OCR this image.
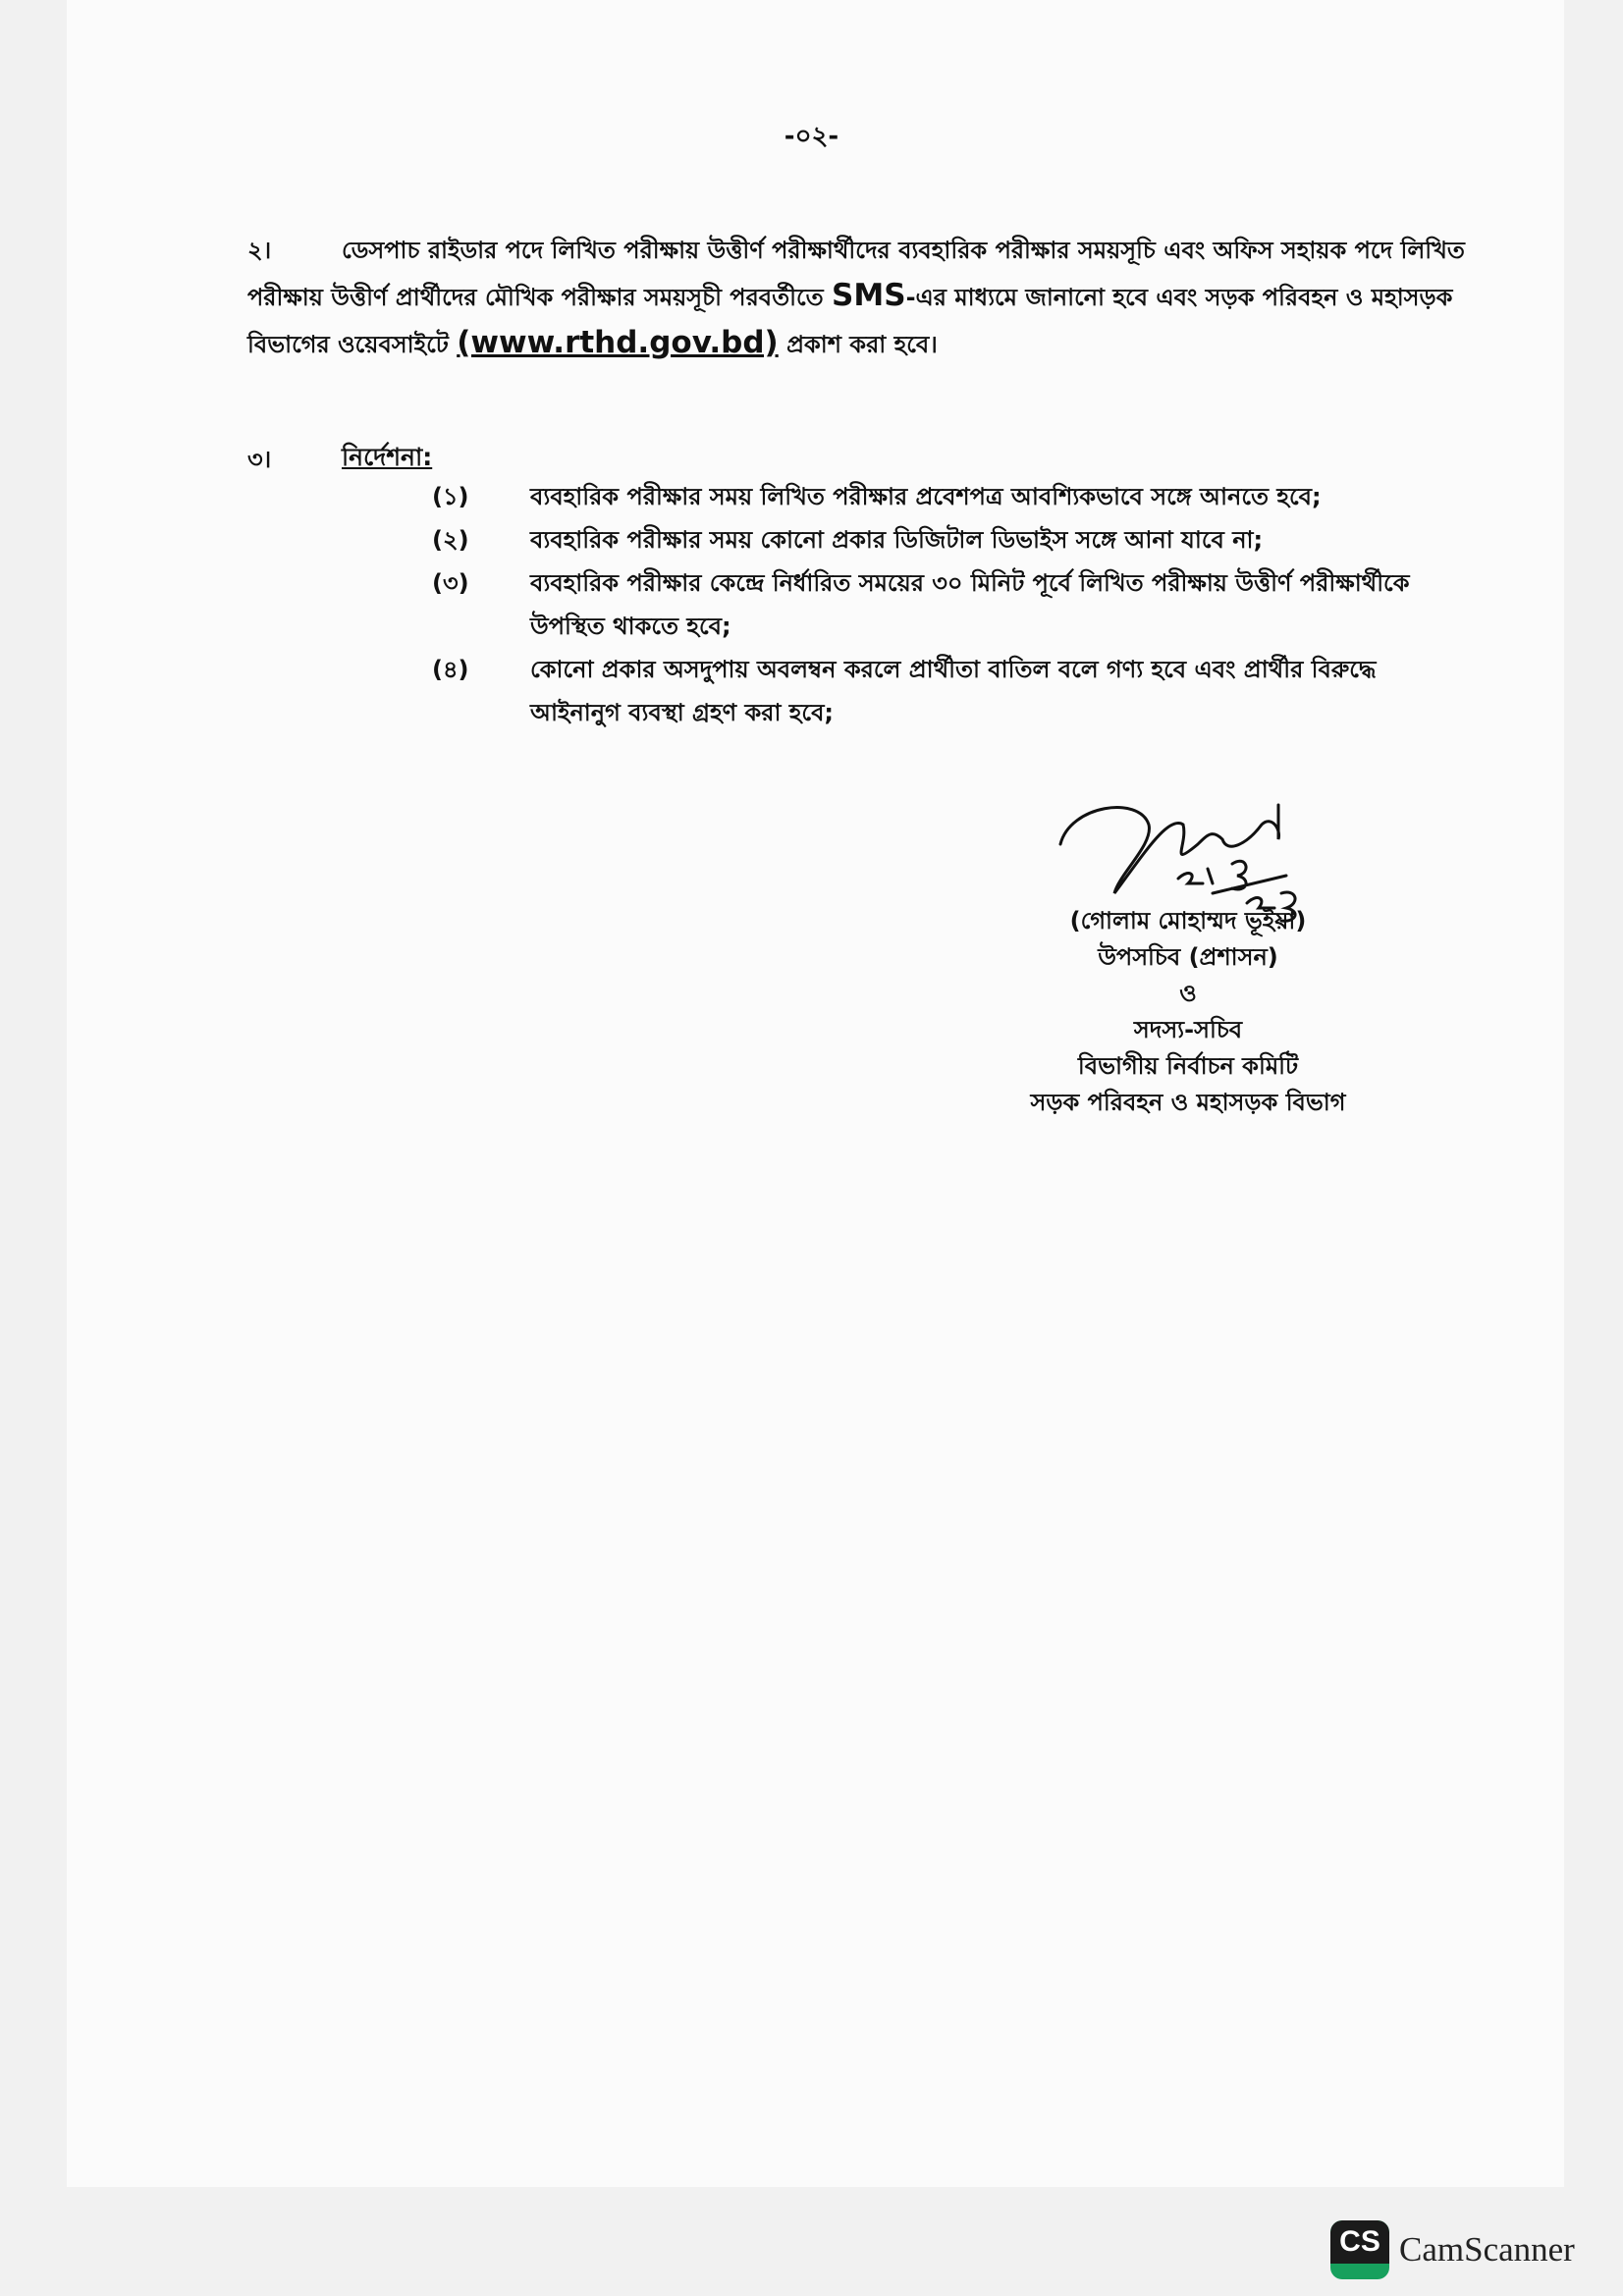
-০২-
২।	ডেসপাচ রাইডার পদে লিখিত পরীক্ষায় উত্তীর্ণ পরীক্ষার্থীদের ব্যবহারিক পরীক্ষার সময়সূচি এবং অফিস সহায়ক পদে লিখিত পরীক্ষায় উত্তীর্ণ প্রার্থীদের মৌখিক পরীক্ষার সময়সূচী পরবর্তীতে SMS-এর মাধ্যমে জানানো হবে এবং সড়ক পরিবহন ও মহাসড়ক বিভাগের ওয়েবসাইটে (www.rthd.gov.bd) প্রকাশ করা হবে।
৩।	নির্দেশনা:
(১)	ব্যবহারিক পরীক্ষার সময় লিখিত পরীক্ষার প্রবেশপত্র আবশ্যিকভাবে সঙ্গে আনতে হবে;
(২)	ব্যবহারিক পরীক্ষার সময় কোনো প্রকার ডিজিটাল ডিভাইস সঙ্গে আনা যাবে না;
(৩)	ব্যবহারিক পরীক্ষার কেন্দ্রে নির্ধারিত সময়ের ৩০ মিনিট পূর্বে লিখিত পরীক্ষায় উত্তীর্ণ পরীক্ষার্থীকে উপস্থিত থাকতে হবে;
(৪)	কোনো প্রকার অসদুপায় অবলম্বন করলে প্রার্থীতা বাতিল বলে গণ্য হবে এবং প্রার্থীর বিরুদ্ধে আইনানুগ ব্যবস্থা গ্রহণ করা হবে;
(গোলাম মোহাম্মদ ভূইয়া)
উপসচিব (প্রশাসন)
ও
সদস্য-সচিব
বিভাগীয় নির্বাচন কমিটি
সড়ক পরিবহন ও মহাসড়ক বিভাগ
CS CamScanner
